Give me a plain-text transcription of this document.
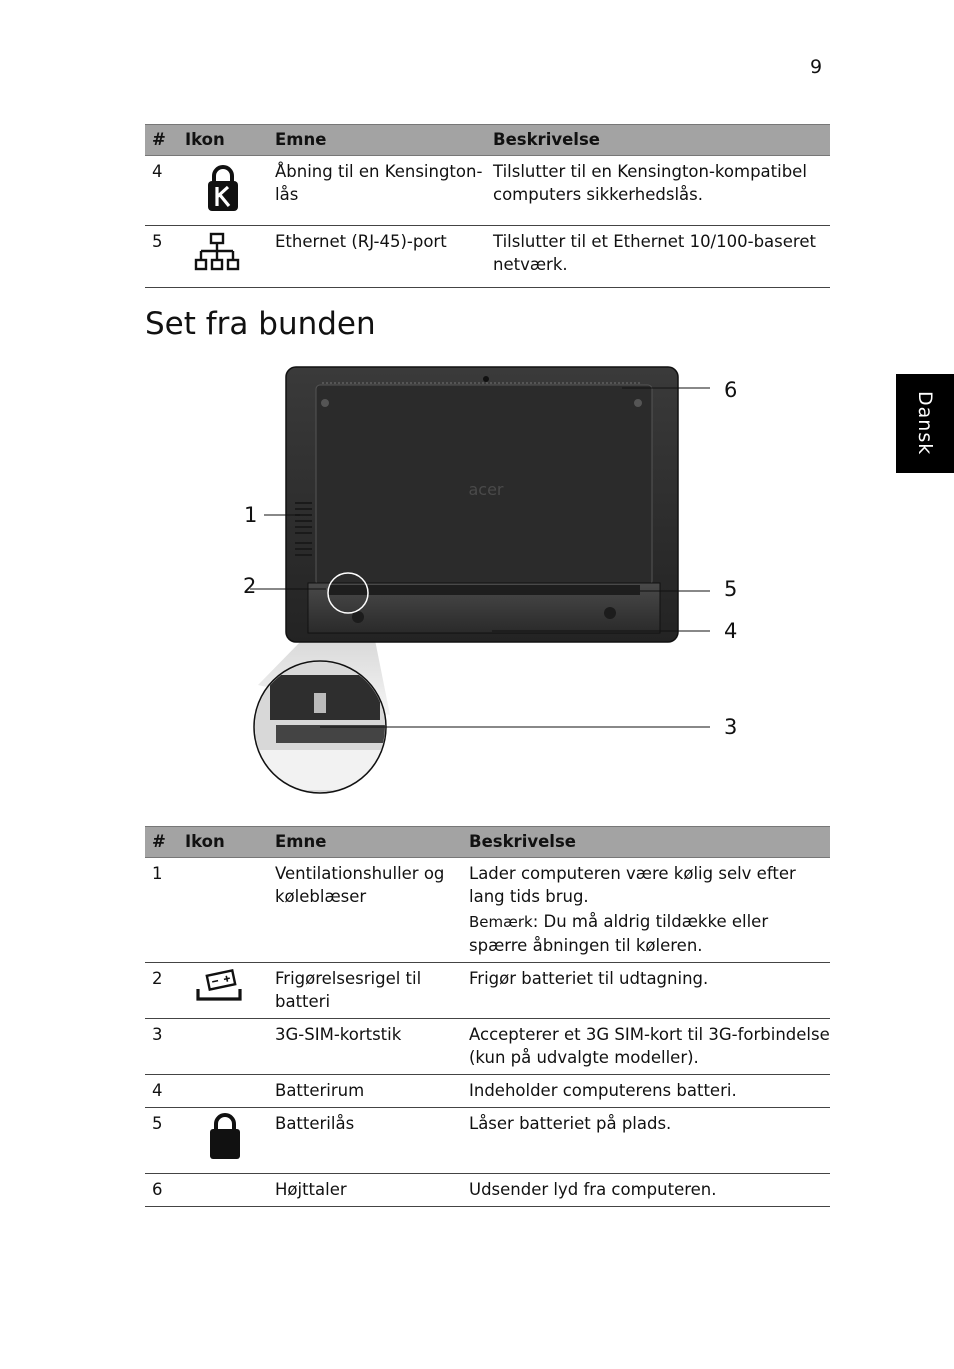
9
Dansk
#	Ikon	Emne	Beskrivelse
4		Åbning til en Kensington-lås	Tilslutter til en Kensington-kompatibel computers sikkerhedslås.
5		Ethernet (RJ-45)-port	Tilslutter til et Ethernet 10/100-baseret netværk.
Set fra bunden
acer
1
2
3
4
5
6
#	Ikon	Emne	Beskrivelse
1		Ventilationshuller og køleblæser	Lader computeren være kølig selv efter lang tids brug.

Bemærk: Du må aldrig tildække eller spærre åbningen til køleren.

2		Frigørelsesrigel til batteri	Frigør batteriet til udtagning.
3		3G-SIM-kortstik	Accepterer et 3G SIM-kort til 3G-forbindelse (kun på udvalgte modeller).
4		Batterirum	Indeholder computerens batteri.
5		Batterilås	Låser batteriet på plads.
6		Højttaler	Udsender lyd fra computeren.
